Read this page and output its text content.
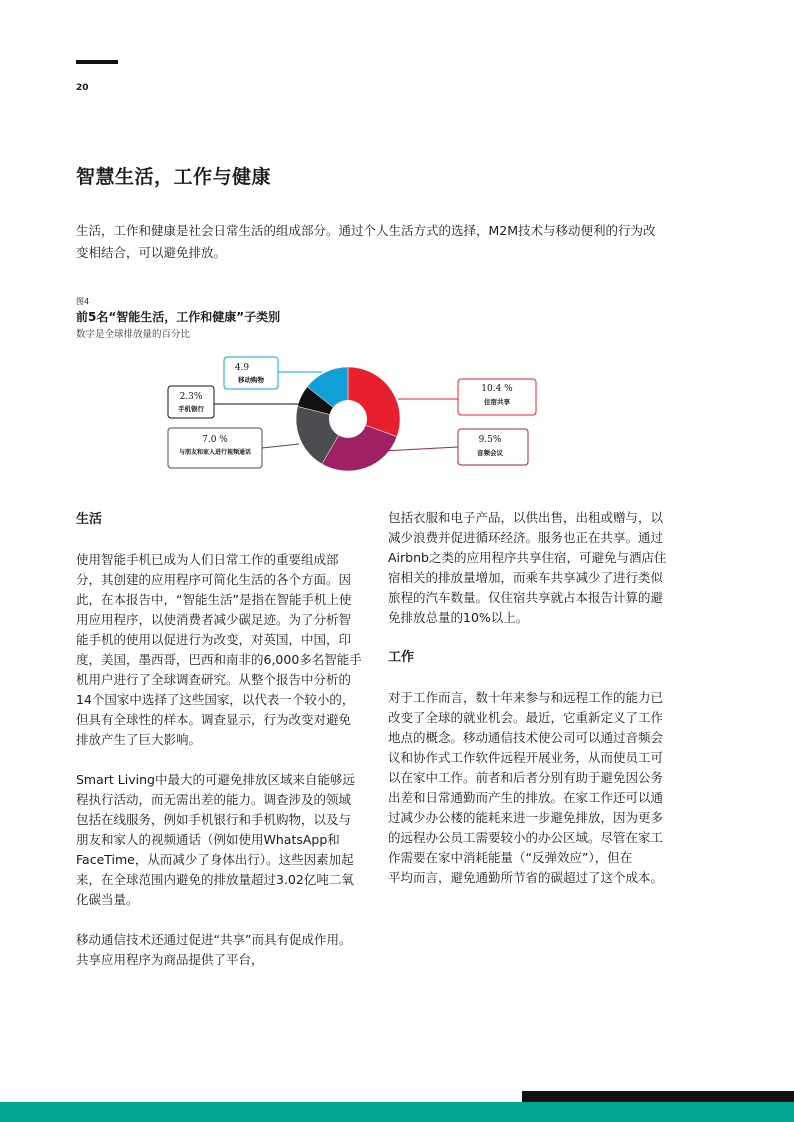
20
智慧生活，工作与健康

生活，工作和健康是社会日常生活的组成部分。通过个人生活方式的选择，M2M技术与移动便利的行为改变相结合，可以避免排放。

图4
前5名“智能生活，工作和健康”子类别
数字是全球排放量的百分比
10.4 %
住宿共享
9.5%
音频会议
7.0 %
与朋友和家人进行视频通话
2.3%
手机银行
4.9
移动购物
生活

使用智能手机已成为人们日常工作的重要组成部分，其创建的应用程序可简化生活的各个方面。因此，在本报告中，“智能生活”是指在智能手机上使用应用程序，以使消费者减少碳足迹。为了分析智能手机的使用以促进行为改变，对英国，中国，印度，美国，墨西哥，巴西和南非的6,000多名智能手机用户进行了全球调查研究。从整个报告中分析的14个国家中选择了这些国家，以代表一个较小的，但具有全球性的样本。调查显示，行为改变对避免排放产生了巨大影响。

Smart Living中最大的可避免排放区域来自能够远程执行活动，而无需出差的能力。调查涉及的领域包括在线服务，例如手机银行和手机购物，以及与朋友和家人的视频通话（例如使用WhatsApp和FaceTime，从而减少了身体出行）。这些因素加起来，在全球范围内避免的排放量超过3.02亿吨二氧化碳当量。

移动通信技术还通过促进“共享”而具有促成作用。共享应用程序为商品提供了平台，

包括衣服和电子产品，以供出售，出租或赠与，以减少浪费并促进循环经济。服务也正在共享。通过Airbnb之类的应用程序共享住宿，可避免与酒店住宿相关的排放量增加，而乘车共享减少了进行类似旅程的汽车数量。仅住宿共享就占本报告计算的避免排放总量的10%以上。

工作

对于工作而言，数十年来参与和远程工作的能力已改变了全球的就业机会。最近，它重新定义了工作地点的概念。移动通信技术使公司可以通过音频会议和协作式工作软件远程开展业务，从而使员工可以在家中工作。前者和后者分别有助于避免因公务出差和日常通勤而产生的排放。在家工作还可以通过减少办公楼的能耗来进一步避免排放，因为更多的远程办公员工需要较小的办公区域。尽管在家工作需要在家中消耗能量（“反弹效应”），但在

平均而言，避免通勤所节省的碳超过了这个成本。
